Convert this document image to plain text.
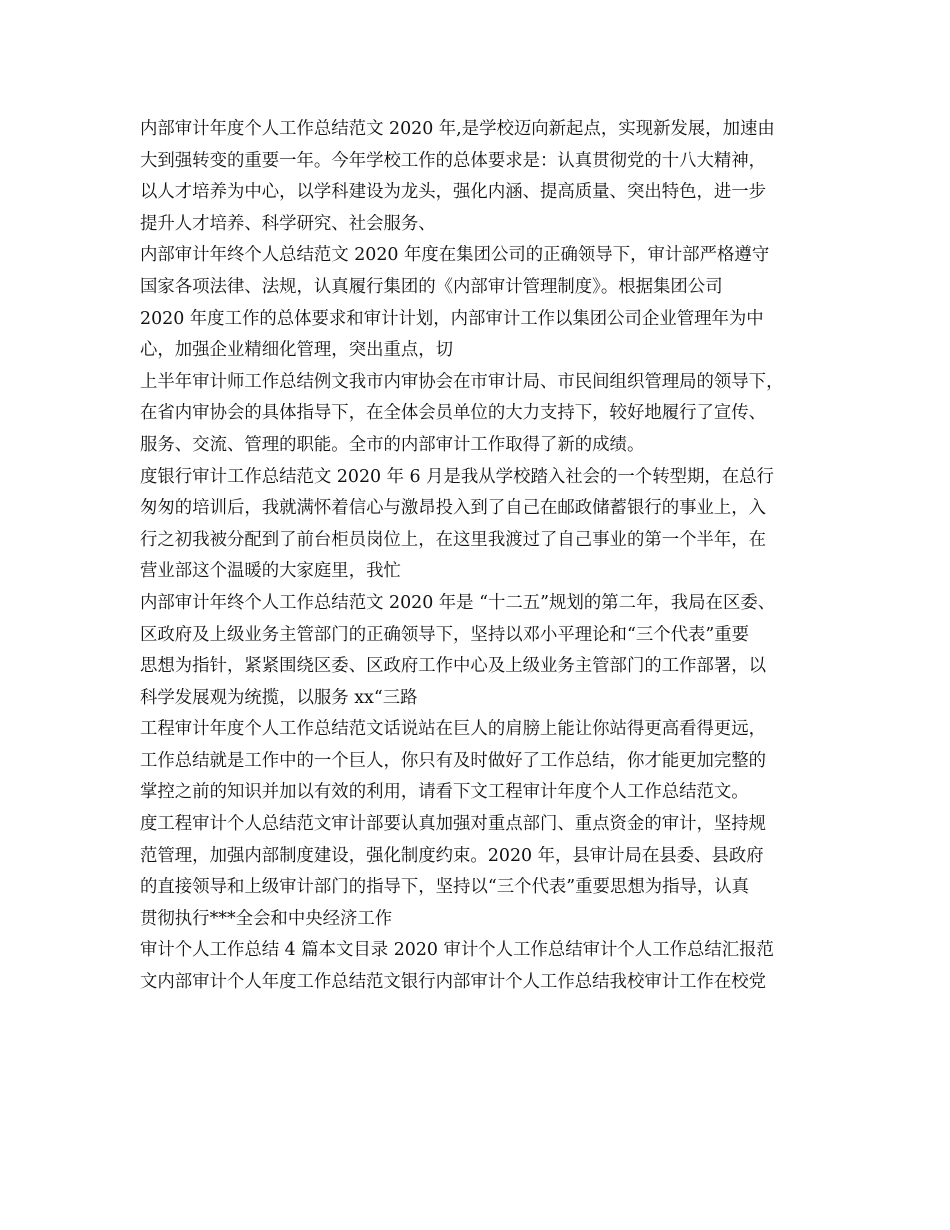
内部审计年度个人工作总结范文 2020 年,是学校迈向新起点，实现新发展，加速由
大到强转变的重要一年。今年学校工作的总体要求是：认真贯彻党的十八大精神，
以人才培养为中心，以学科建设为龙头，强化内涵、提高质量、突出特色，进一步
提升人才培养、科学研究、社会服务、
内部审计年终个人总结范文 2020 年度在集团公司的正确领导下，审计部严格遵守
国家各项法律、法规，认真履行集团的《内部审计管理制度》。根据集团公司
2020 年度工作的总体要求和审计计划，内部审计工作以集团公司企业管理年为中
心，加强企业精细化管理，突出重点，切
上半年审计师工作总结例文我市内审协会在市审计局、市民间组织管理局的领导下，
在省内审协会的具体指导下，在全体会员单位的大力支持下，较好地履行了宣传、
服务、交流、管理的职能。全市的内部审计工作取得了新的成绩。
度银行审计工作总结范文 2020 年 6 月是我从学校踏入社会的一个转型期，在总行
匆匆的培训后，我就满怀着信心与激昂投入到了自己在邮政储蓄银行的事业上，入
行之初我被分配到了前台柜员岗位上，在这里我渡过了自己事业的第一个半年，在
营业部这个温暖的大家庭里，我忙
内部审计年终个人工作总结范文 2020 年是 “十二五”规划的第二年，我局在区委、
区政府及上级业务主管部门的正确领导下，坚持以邓小平理论和“三个代表”重要
思想为指针，紧紧围绕区委、区政府工作中心及上级业务主管部门的工作部署，以
科学发展观为统揽，以服务 xx“三路
工程审计年度个人工作总结范文话说站在巨人的肩膀上能让你站得更高看得更远，
工作总结就是工作中的一个巨人，你只有及时做好了工作总结，你才能更加完整的
掌控之前的知识并加以有效的利用，请看下文工程审计年度个人工作总结范文。
度工程审计个人总结范文审计部要认真加强对重点部门、重点资金的审计，坚持规
范管理，加强内部制度建设，强化制度约束。2020 年，县审计局在县委、县政府
的直接领导和上级审计部门的指导下，坚持以“三个代表”重要思想为指导，认真
贯彻执行***全会和中央经济工作
审计个人工作总结 4 篇本文目录 2020 审计个人工作总结审计个人工作总结汇报范
文内部审计个人年度工作总结范文银行内部审计个人工作总结我校审计工作在校党
